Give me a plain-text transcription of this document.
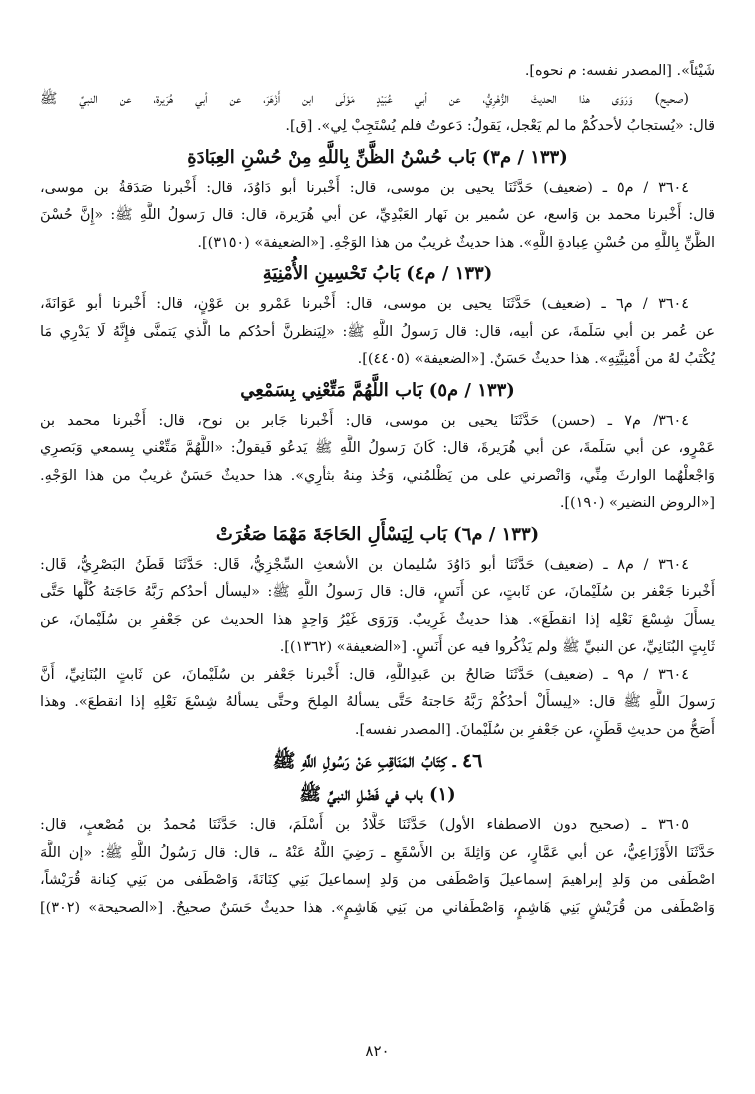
شَيْئاً». [المصدر نفسه: م نحوه].
(صحيح) وَرَوَى هذا الحديثَ الزُّهْرِيُّ، عن أبي عُبَيْدٍ مَوْلَى ابن أَزْهَرَ، عن أبي هُرَيرة، عن النبيِّ ﷺ
قال: «يُستجابُ لأحدكُمْ ما لم يَعْجل، يَقولُ: دَعوتُ فلم يُسْتَجِبْ لِي». [ق].
(١٣٣ / م٣) بَاب حُسْنُ الظَّنِّ بِاللَّهِ مِنْ حُسْنِ العِبَادَةِ
٣٦٠٤ / م٥ ـ (ضعيف) حَدَّثَنَا يحيى بن موسى، قال: أَخْبرنا أبو دَاوُدَ، قال: أَخْبرنا صَدَقةُ بن موسى،
قال: أَخْبرنا محمد بن وَاسع، عن سُمير بن نَهار العَبْدِيِّ، عن أبي هُرَيرة، قال: قال رَسولُ اللَّهِ ﷺ: «إِنَّ حُسْنَ
الظَّنِّ بِاللَّهِ من حُسْنِ عِبادةِ اللَّهِ». هذا حديثٌ غريبٌ من هذا الوَجْهِ. [«الضعيفة» (٣١٥٠)].
(١٣٣ / م٤) بَابُ تَحْسِينِ الأُمْنِيَةِ
٣٦٠٤ / م٦ ـ (ضعيف) حَدَّثَنَا يحيى بن موسى، قال: أَخْبرنا عَمْرو بن عَوْنٍ، قال: أَخْبرنا أبو عَوَانَةَ،
عن عُمر بن أبي سَلَمةَ، عن أبيه، قال: قال رَسولُ اللَّهِ ﷺ: «لِيَنظرنَّ أحدُكم ما الَّذي يَتمنَّى فإِنَّهُ لَا يَدْرِي مَا
يُكْتَبُ لهُ من أُمْنِيَّتِهِ». هذا حديثٌ حَسَنٌ. [«الضعيفة» (٤٤٠٥)].
(١٣٣ / م٥) بَاب اللَّهُمَّ مَتِّعْنِي بِسَمْعِي
٣٦٠٤/ م٧ ـ (حسن) حَدَّثَنَا يحيى بن موسى، قال: أَخْبرنا جَابر بن نوح، قال: أَخْبرنا محمد بن
عَمْرٍو، عن أبي سَلَمةَ، عن أبي هُرَيرةَ، قال: كَانَ رَسولُ اللَّهِ ﷺ يَدعُو فَيقولُ: «اللَّهُمَّ مَتِّعْني بِسمعي وَبَصرِي
وَاجْعلْهُما الوارثَ مِنِّي، وَانْصرني على من يَظْلمُني، وَخُذ مِنهُ بثأرِي». هذا حديثٌ حَسَنٌ غريبٌ من هذا الوَجْهِ.
[«الروض النضير» (١٩٠)].
(١٣٣ / م٦) بَاب لِيَسْأَلِ الحَاجَةَ مَهْمَا صَغُرَتْ
٣٦٠٤ / م٨ ـ (ضعيف) حَدَّثَنَا أبو دَاوُدَ سُليمان بن الأشعثِ السِّجْزِيُّ، قَال: حَدَّثَنَا قَطَنُ البَصْرِيُّ، قَال:
أَخْبرنا جَعْفر بن سُلَيْمانَ، عن ثَابتٍ، عن أَنَسٍ، قال: قال رَسولُ اللَّهِ ﷺ: «ليسأل أحدُكم رَبَّهُ حَاجَتهُ كُلَّها حَتَّى
يسأَلَ شِسْعَ نَعْلِه إذا انقطَعَ». هذا حديثٌ غَرِيبٌ. وَرَوَى غَيْرُ وَاحِدٍ هذا الحديث عن جَعْفرِ بن سُلَيْمانَ، عن
ثَابِتٍ البُنَانِيِّ، عن النبيِّ ﷺ ولم يَذْكُروا فيه عن أَنَسٍ. [«الضعيفة» (١٣٦٢)].
٣٦٠٤ / م٩ ـ (ضعيف) حَدَّثَنَا صَالحُ بن عَبدِاللَّهِ، قال: أَخْبرنا جَعْفر بن سُلَيْمانَ، عن ثَابتٍ البُنَانِيِّ، أَنَّ
رَسولَ اللَّهِ ﷺ قال: «لِيسأَلْ أحدُكُمْ رَبَّهُ حَاجتهُ حَتَّى يسألهُ المِلحَ وحتَّى يسألهُ شِسْعَ نَعْلِهِ إذا انقطعَ». وهذا
أَصَحُّ من حديثِ قَطَنٍ، عن جَعْفرِ بن سُلَيْمانَ. [المصدر نفسه].
٤٦ ـ كِتَابُ المَنَاقِبِ عَنْ رَسُولِ اللَّهِ ﷺ
(١) باب في فَضْلِ النبيِّ ﷺ
٣٦٠٥ ـ (صحيح دون الاصطفاء الأول) حَدَّثَنَا خَلَّادُ بن أَسْلَمَ، قال: حَدَّثَنَا مُحمدُ بن مُصْعبٍ، قال:
حَدَّثَنَا الأَوْزَاعِيُّ، عن أبي عَمَّارٍ، عن وَاثِلةَ بن الأَسْقَعِ ـ رَضِيَ اللَّهُ عَنْهُ ـ، قال: قال رَسُولُ اللَّهِ ﷺ: «إن اللَّهَ
اصْطَفى من وَلدِ إبراهيمَ إسماعيلَ وَاصْطَفى من وَلدِ إسماعيلَ بَنِي كِنَانَةَ، وَاصْطَفى من بَنِي كِنانة قُرَيْشاً،
وَاصْطَفى من قُرَيْشٍ بَنِي هَاشِمٍ، وَاصْطَفاني من بَنِي هَاشِمٍ». هذا حديثٌ حَسَنٌ صحيحٌ. [«الصحيحة» (٣٠٢)]
٨٢٠
